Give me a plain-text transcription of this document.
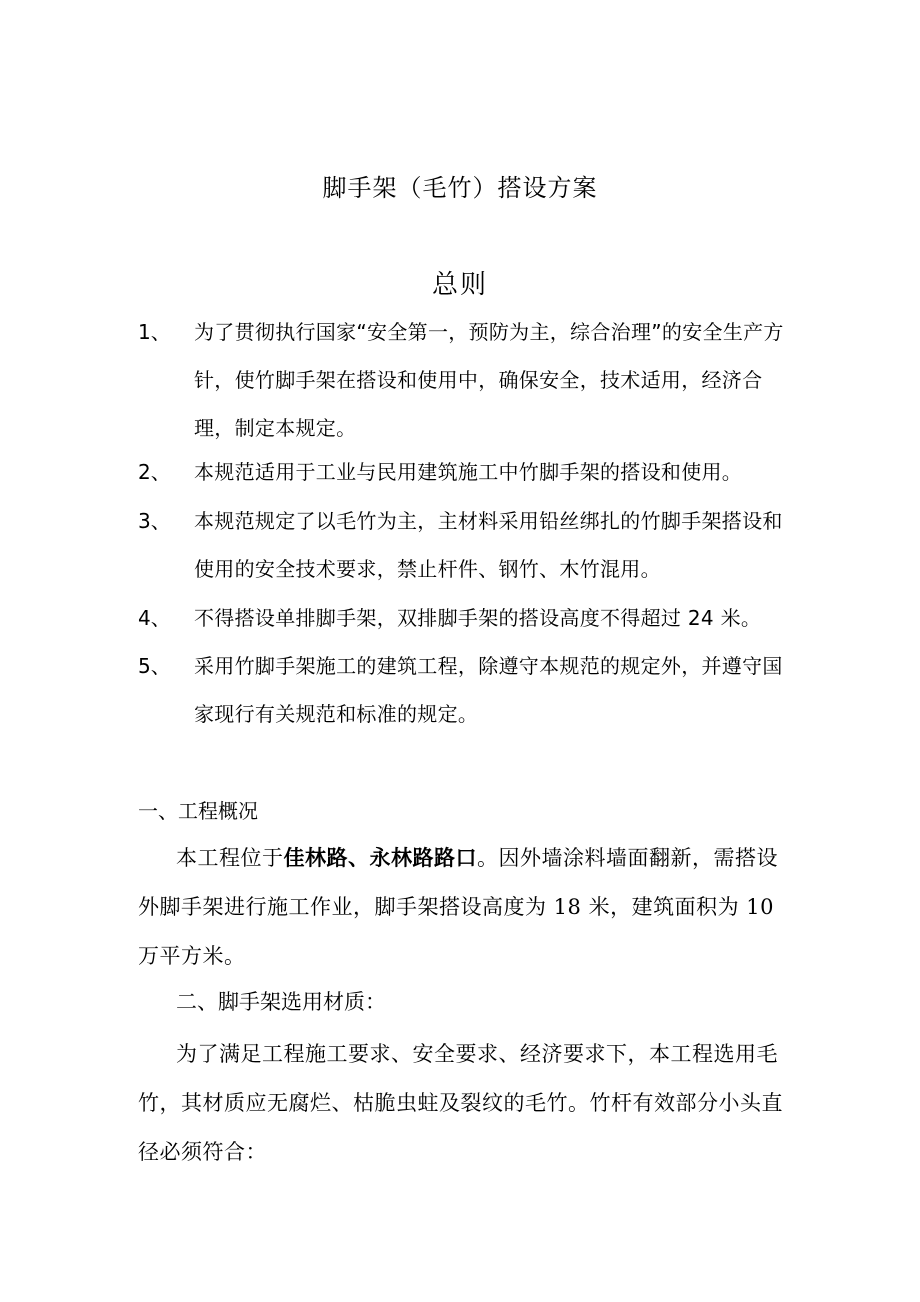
脚手架（毛竹）搭设方案
总则
1、	为了贯彻执行国家“安全第一，预防为主，综合治理”的安全生产方针，使竹脚手架在搭设和使用中，确保安全，技术适用，经济合理，制定本规定。
2、	本规范适用于工业与民用建筑施工中竹脚手架的搭设和使用。
3、	本规范规定了以毛竹为主，主材料采用铅丝绑扎的竹脚手架搭设和使用的安全技术要求，禁止杆件、钢竹、木竹混用。
4、	不得搭设单排脚手架，双排脚手架的搭设高度不得超过 24 米。
5、	采用竹脚手架施工的建筑工程，除遵守本规范的规定外，并遵守国家现行有关规范和标准的规定。
一、工程概况
本工程位于佳林路、永林路路口。因外墙涂料墙面翻新，需搭设外脚手架进行施工作业，脚手架搭设高度为 18 米，建筑面积为 10 万平方米。
二、脚手架选用材质：
为了满足工程施工要求、安全要求、经济要求下，本工程选用毛竹，其材质应无腐烂、枯脆虫蛀及裂纹的毛竹。竹杆有效部分小头直径必须符合：
